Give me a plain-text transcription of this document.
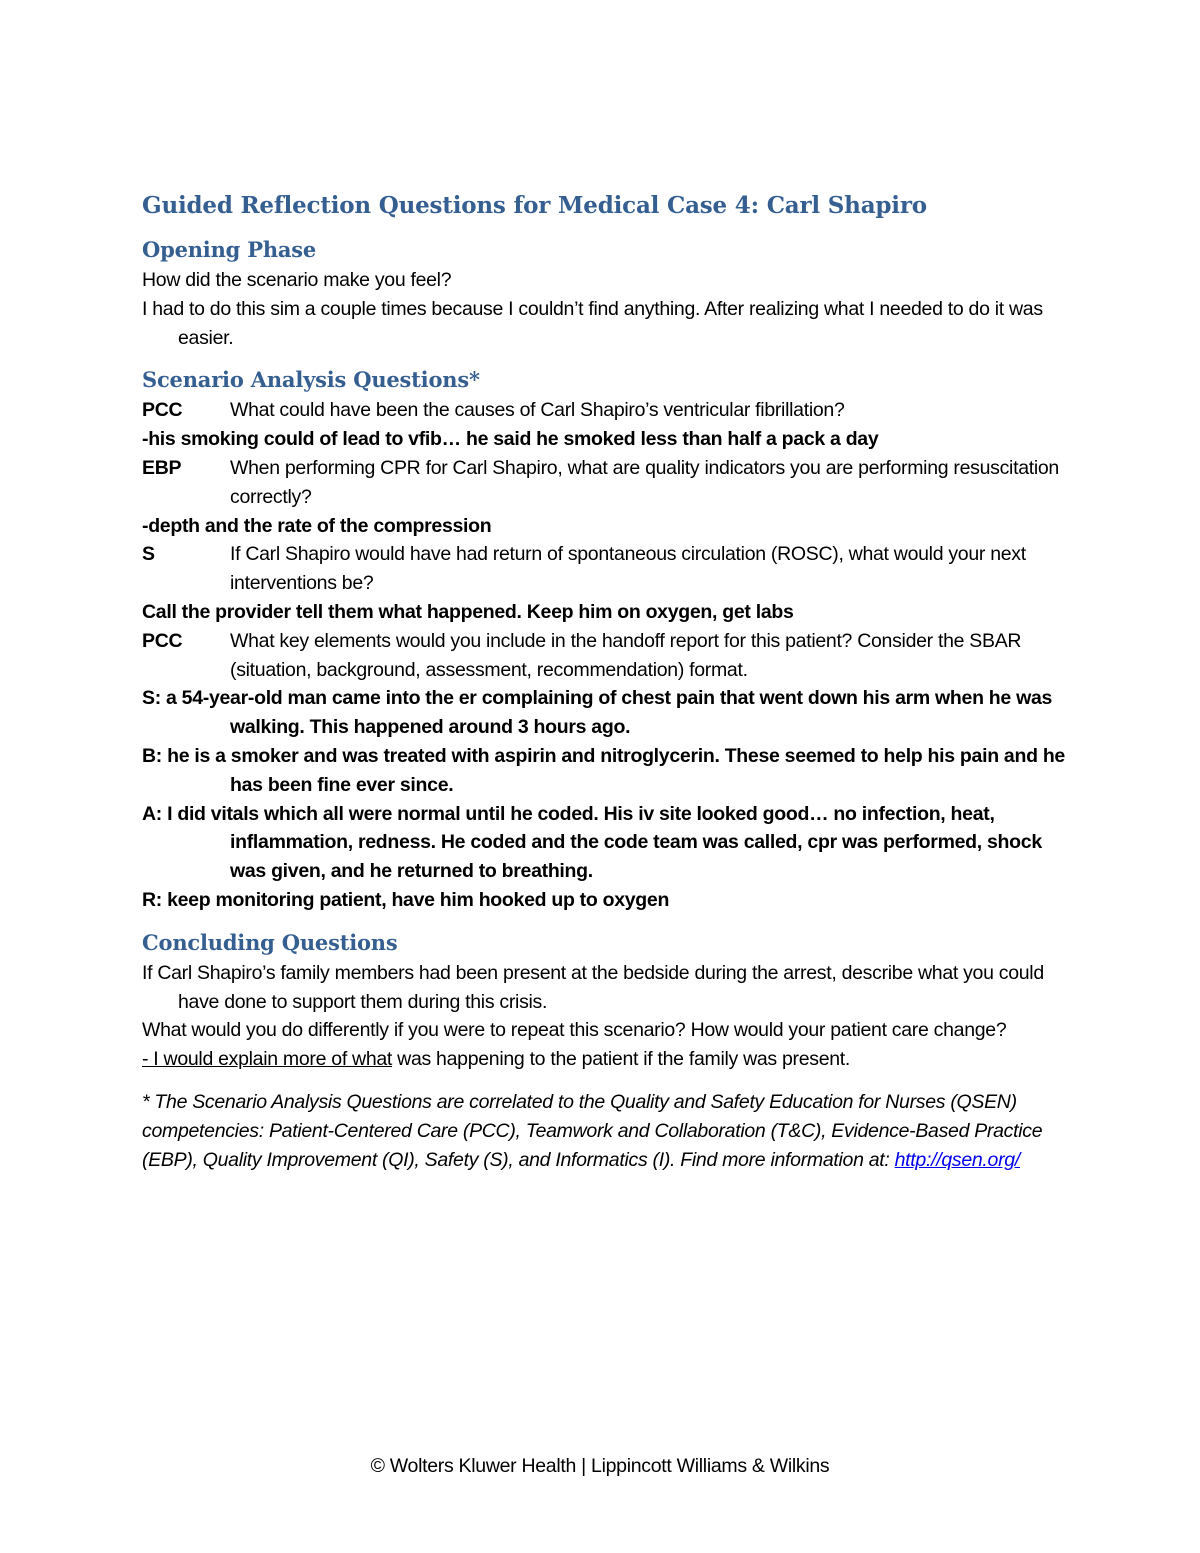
Guided Reflection Questions for Medical Case 4: Carl Shapiro
Opening Phase

How did the scenario make you feel?

I had to do this sim a couple times because I couldn’t find anything. After realizing what I needed to do it was easier.

Scenario Analysis Questions*
PCC	What could have been the causes of Carl Shapiro’s ventricular fibrillation?

-his smoking could of lead to vfib… he said he smoked less than half a pack a day

EBP	When performing CPR for Carl Shapiro, what are quality indicators you are performing resuscitation correctly?

-depth and the rate of the compression

S	If Carl Shapiro would have had return of spontaneous circulation (ROSC), what would your next interventions be?

Call the provider tell them what happened. Keep him on oxygen, get labs

PCC	What key elements would you include in the handoff report for this patient? Consider the SBAR (situation, background, assessment, recommendation) format.

S: a 54-year-old man came into the er complaining of chest pain that went down his arm when he was walking. This happened around 3 hours ago.

B: he is a smoker and was treated with aspirin and nitroglycerin. These seemed to help his pain and he has been fine ever since.

A: I did vitals which all were normal until he coded. His iv site looked good… no infection, heat, inflammation, redness. He coded and the code team was called, cpr was performed, shock was given, and he returned to breathing.

R: keep monitoring patient, have him hooked up to oxygen

Concluding Questions

If Carl Shapiro’s family members had been present at the bedside during the arrest, describe what you could have done to support them during this crisis.

What would you do differently if you were to repeat this scenario? How would your patient care change?

- I would explain more of what was happening to the patient if the family was present.

* The Scenario Analysis Questions are correlated to the Quality and Safety Education for Nurses (QSEN) competencies: Patient-Centered Care (PCC), Teamwork and Collaboration (T&C), Evidence-Based Practice (EBP), Quality Improvement (QI), Safety (S), and Informatics (I). Find more information at: http://qsen.org/
© Wolters Kluwer Health | Lippincott Williams & Wilkins
